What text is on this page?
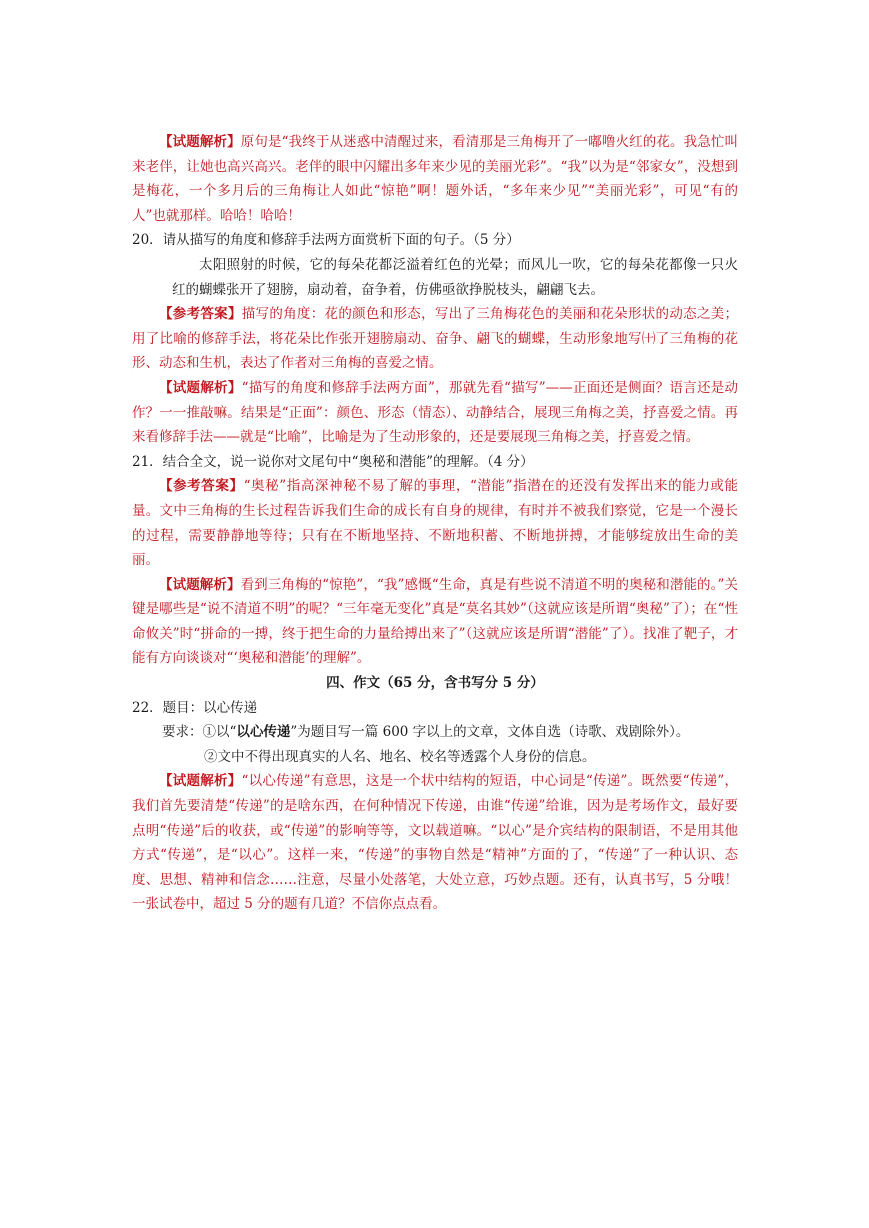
【试题解析】原句是“我终于从迷惑中清醒过来，看清那是三角梅开了一嘟噜火红的花。我急忙叫来老伴，让她也高兴高兴。老伴的眼中闪耀出多年来少见的美丽光彩”。“我”以为是“邻家女”，没想到是梅花，一个多月后的三角梅让人如此“惊艳”啊！题外话，“多年来少见”“美丽光彩”，可见“有的人”也就那样。哈哈！哈哈！

20．请从描写的角度和修辞手法两方面赏析下面的句子。（5 分）

太阳照射的时候，它的每朵花都泛溢着红色的光晕；而风儿一吹，它的每朵花都像一只火红的蝴蝶张开了翅膀，扇动着，奋争着，仿佛亟欲挣脱枝头，翩翩飞去。

【参考答案】描写的角度：花的颜色和形态，写出了三角梅花色的美丽和花朵形状的动态之美；用了比喻的修辞手法，将花朵比作张开翅膀扇动、奋争、翩飞的蝴蝶，生动形象地写㈩了三角梅的花形、动态和生机，表达了作者对三角梅的喜爱之情。

【试题解析】“描写的角度和修辞手法两方面”，那就先看“描写”——正面还是侧面？语言还是动作？一一推敲嘛。结果是“正面”：颜色、形态（情态）、动静结合，展现三角梅之美，抒喜爱之情。再来看修辞手法——就是“比喻”，比喻是为了生动形象的，还是要展现三角梅之美，抒喜爱之情。

21．结合全文，说一说你对文尾句中“奥秘和潜能”的理解。（4 分）

【参考答案】“奥秘”指高深神秘不易了解的事理，“潜能”指潜在的还没有发挥出来的能力或能量。文中三角梅的生长过程告诉我们生命的成长有自身的规律，有时并不被我们察觉，它是一个漫长的过程，需要静静地等待；只有在不断地坚持、不断地积蓄、不断地拼搏，才能够绽放出生命的美丽。

【试题解析】看到三角梅的“惊艳”，“我”感慨“生命，真是有些说不清道不明的奥秘和潜能的。”关键是哪些是“说不清道不明”的呢？“三年毫无变化”真是“莫名其妙”（这就应该是所谓“奥秘”了）；在“性命攸关”时“拼命的一搏，终于把生命的力量给搏出来了”（这就应该是所谓“潜能”了）。找准了靶子，才能有方向谈谈对“‘奥秘和潜能’的理解”。

四、作文（65 分，含书写分 5 分）

22．题目：以心传递

要求：①以“以心传递”为题目写一篇 600 字以上的文章，文体自选（诗歌、戏剧除外）。

②文中不得出现真实的人名、地名、校名等透露个人身份的信息。

【试题解析】“以心传递”有意思，这是一个状中结构的短语，中心词是“传递”。既然要“传递”，我们首先要清楚“传递”的是啥东西，在何种情况下传递，由谁“传递”给谁，因为是考场作文，最好要点明“传递”后的收获，或“传递”的影响等等，文以载道嘛。“以心”是介宾结构的限制语，不是用其他方式“传递”，是“以心”。这样一来，“传递”的事物自然是“精神”方面的了，“传递”了一种认识、态度、思想、精神和信念……注意，尽量小处落笔，大处立意，巧妙点题。还有，认真书写，5 分哦！一张试卷中，超过 5 分的题有几道？不信你点点看。
